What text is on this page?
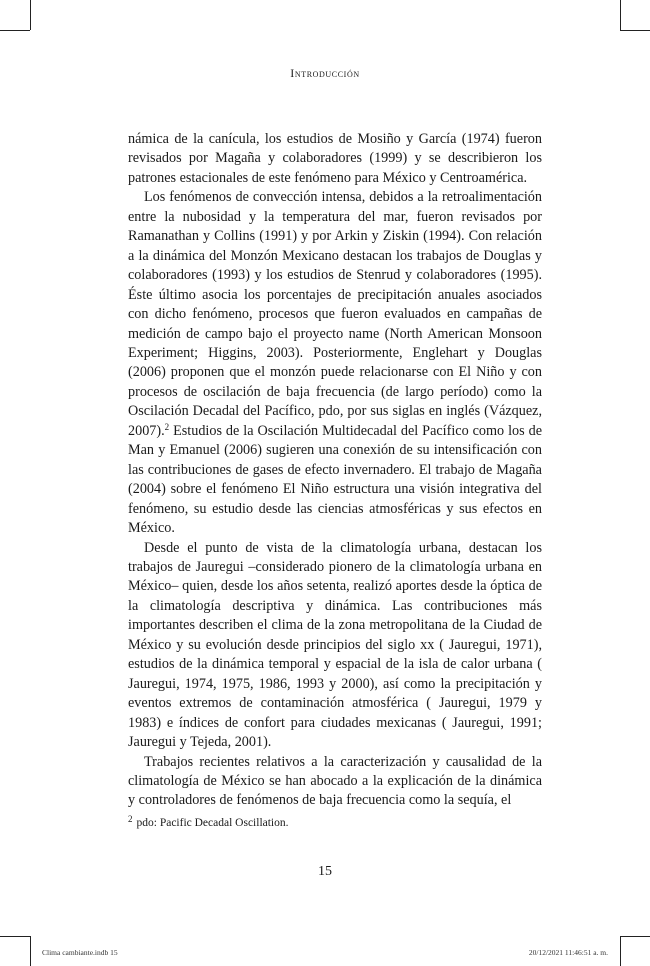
Introducción

námica de la canícula, los estudios de Mosiño y García (1974) fueron revisados por Magaña y colaboradores (1999) y se describieron los patrones estacionales de este fenómeno para México y Centroamérica.

Los fenómenos de convección intensa, debidos a la retroalimentación entre la nubosidad y la temperatura del mar, fueron revisados por Ramanathan y Collins (1991) y por Arkin y Ziskin (1994). Con relación a la dinámica del Monzón Mexicano destacan los trabajos de Douglas y colaboradores (1993) y los estudios de Stenrud y colaboradores (1995). Éste último asocia los porcentajes de precipitación anuales asociados con dicho fenómeno, procesos que fueron evaluados en campañas de medición de campo bajo el proyecto name (North American Monsoon Experiment; Higgins, 2003). Posteriormente, Englehart y Douglas (2006) proponen que el monzón puede relacionarse con El Niño y con procesos de oscilación de baja frecuencia (de largo período) como la Oscilación Decadal del Pacífico, pdo, por sus siglas en inglés (Vázquez, 2007).$^2$ Estudios de la Oscilación Multidecadal del Pacífico como los de Man y Emanuel (2006) sugieren una conexión de su intensificación con las contribuciones de gases de efecto invernadero. El trabajo de Magaña (2004) sobre el fenómeno El Niño estructura una visión integrativa del fenómeno, su estudio desde las ciencias atmosféricas y sus efectos en México.

Desde el punto de vista de la climatología urbana, destacan los trabajos de Jauregui –considerado pionero de la climatología urbana en México– quien, desde los años setenta, realizó aportes desde la óptica de la climatología descriptiva y dinámica. Las contribuciones más importantes describen el clima de la zona metropolitana de la Ciudad de México y su evolución desde principios del siglo xx ( Jauregui, 1971), estudios de la dinámica temporal y espacial de la isla de calor urbana ( Jauregui, 1974, 1975, 1986, 1993 y 2000), así como la precipitación y eventos extremos de contaminación atmosférica ( Jauregui, 1979 y 1983) e índices de confort para ciudades mexicanas ( Jauregui, 1991; Jauregui y Tejeda, 2001).

Trabajos recientes relativos a la caracterización y causalidad de la climatología de México se han abocado a la explicación de la dinámica y controladores de fenómenos de baja frecuencia como la sequía, el

$^2$ pdo: Pacific Decadal Oscillation.
15
Clima cambiante.indb 15	20/12/2021 11:46:51 a. m.
